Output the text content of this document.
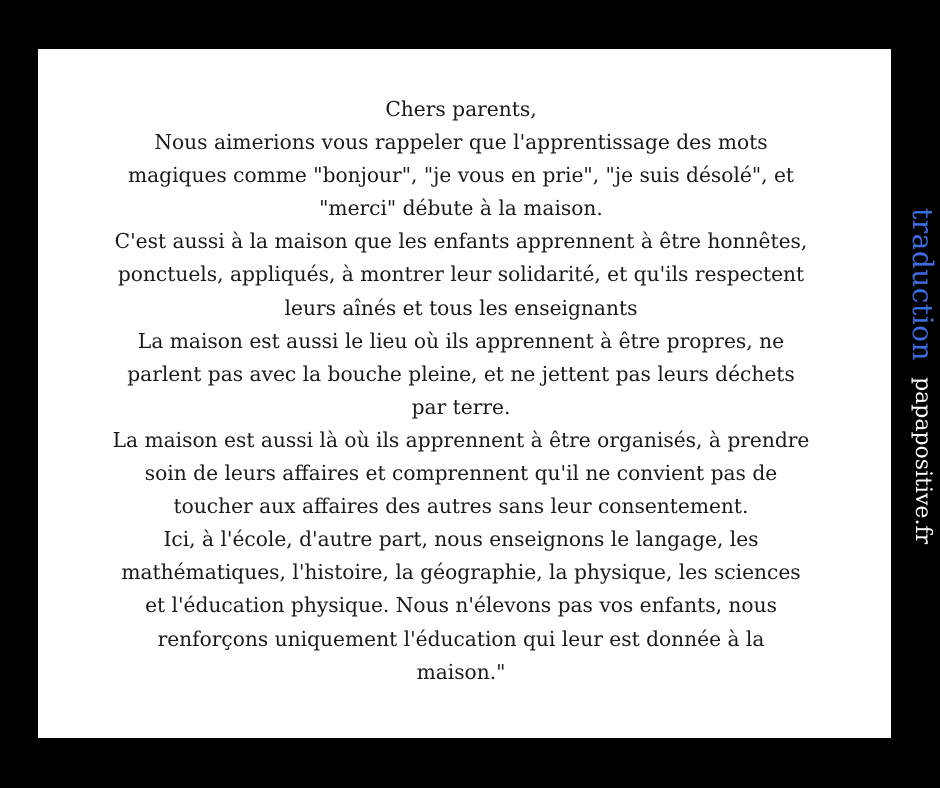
Chers parents,
Nous aimerions vous rappeler que l'apprentissage des mots
magiques comme "bonjour", "je vous en prie", "je suis désolé", et
"merci" débute à la maison.
C'est aussi à la maison que les enfants apprennent à être honnêtes,
ponctuels, appliqués, à montrer leur solidarité, et qu'ils respectent
leurs aînés et tous les enseignants
La maison est aussi le lieu où ils apprennent à être propres, ne
parlent pas avec la bouche pleine, et ne jettent pas leurs déchets
par terre.
La maison est aussi là où ils apprennent à être organisés, à prendre
soin de leurs affaires et comprennent qu'il ne convient pas de
toucher aux affaires des autres sans leur consentement.
Ici, à l'école, d'autre part, nous enseignons le langage, les
mathématiques, l'histoire, la géographie, la physique, les sciences
et l'éducation physique. Nous n'élevons pas vos enfants, nous
renforçons uniquement l'éducation qui leur est donnée à la
maison."

traductionpapapositive.fr
